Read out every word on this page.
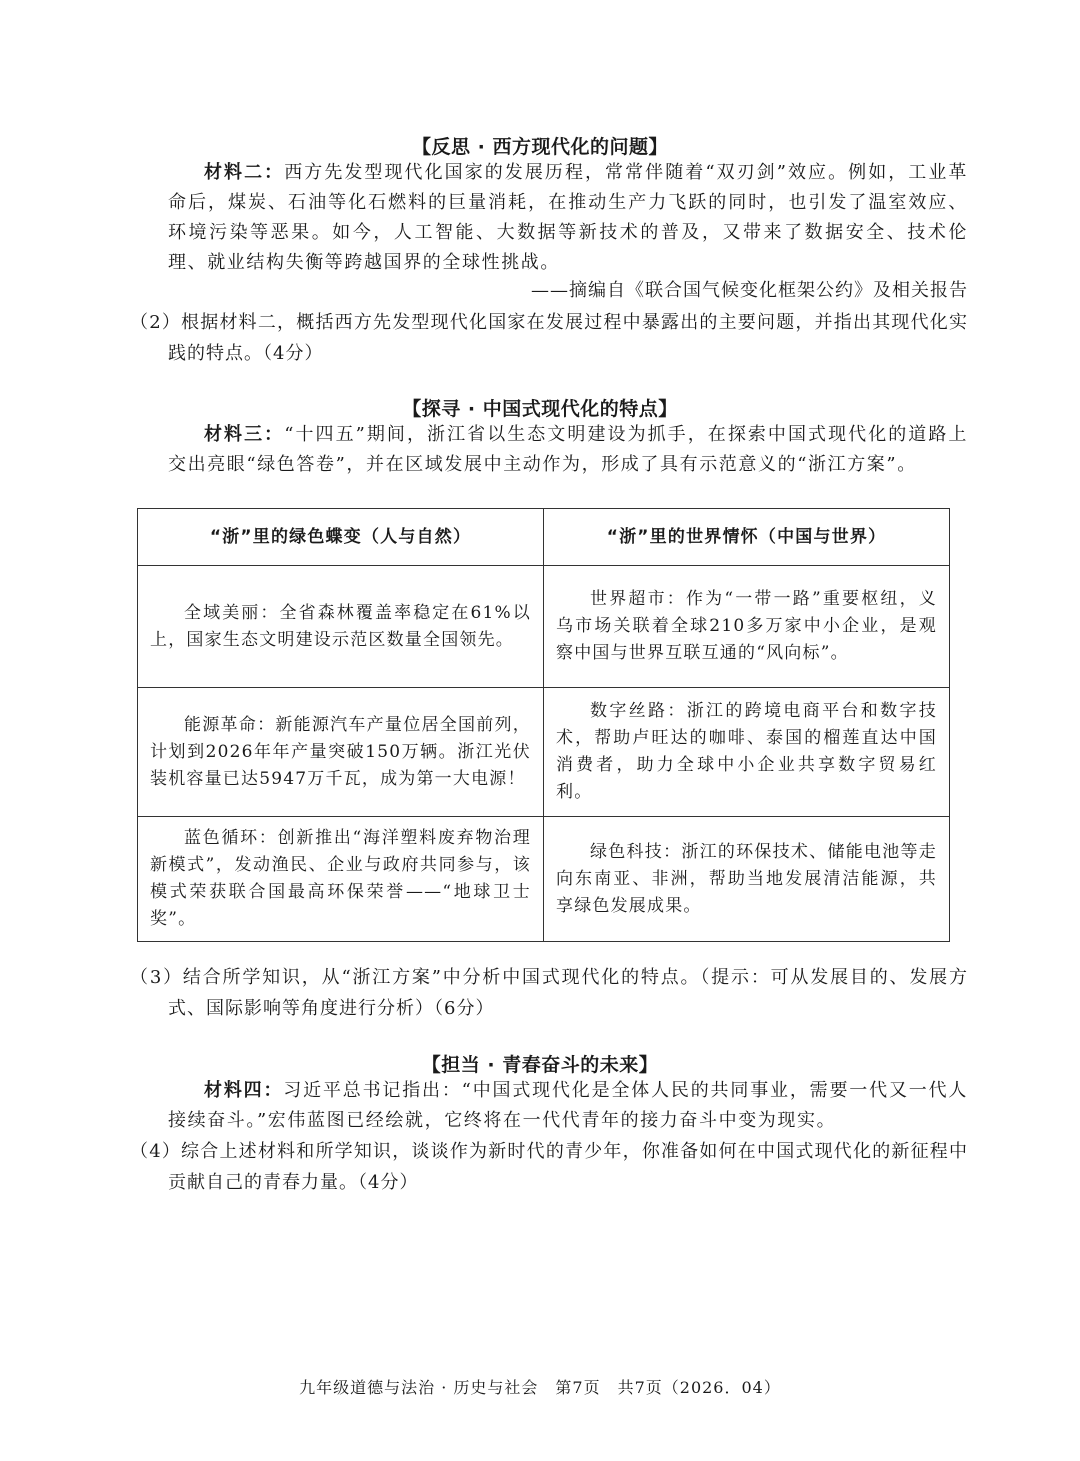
【反思 · 西方现代化的问题】
材料二：西方先发型现代化国家的发展历程，常常伴随着“双刃剑”效应。例如，工业革命后，煤炭、石油等化石燃料的巨量消耗，在推动生产力飞跃的同时，也引发了温室效应、环境污染等恶果。如今，人工智能、大数据等新技术的普及，又带来了数据安全、技术伦理、就业结构失衡等跨越国界的全球性挑战。
——摘编自《联合国气候变化框架公约》及相关报告
（2）根据材料二，概括西方先发型现代化国家在发展过程中暴露出的主要问题，并指出其现代化实践的特点。（4分）
【探寻 · 中国式现代化的特点】
材料三：“十四五”期间，浙江省以生态文明建设为抓手，在探索中国式现代化的道路上交出亮眼“绿色答卷”，并在区域发展中主动作为，形成了具有示范意义的“浙江方案”。
“浙”里的绿色蝶变（人与自然）	“浙”里的世界情怀（中国与世界）

全域美丽：全省森林覆盖率稳定在61%以上，国家生态文明建设示范区数量全国领先。	世界超市：作为“一带一路”重要枢纽，义乌市场关联着全球210多万家中小企业，是观察中国与世界互联互通的“风向标”。

能源革命：新能源汽车产量位居全国前列，计划到2026年年产量突破150万辆。浙江光伏装机容量已达5947万千瓦，成为第一大电源！	数字丝路：浙江的跨境电商平台和数字技术，帮助卢旺达的咖啡、泰国的榴莲直达中国消费者，助力全球中小企业共享数字贸易红利。

蓝色循环：创新推出“海洋塑料废弃物治理新模式”，发动渔民、企业与政府共同参与，该模式荣获联合国最高环保荣誉——“地球卫士奖”。	绿色科技：浙江的环保技术、储能电池等走向东南亚、非洲，帮助当地发展清洁能源，共享绿色发展成果。
（3）结合所学知识，从“浙江方案”中分析中国式现代化的特点。（提示：可从发展目的、发展方式、国际影响等角度进行分析）（6分）
【担当 · 青春奋斗的未来】
材料四：习近平总书记指出：“中国式现代化是全体人民的共同事业，需要一代又一代人接续奋斗。”宏伟蓝图已经绘就，它终将在一代代青年的接力奋斗中变为现实。
（4）综合上述材料和所学知识，谈谈作为新时代的青少年，你准备如何在中国式现代化的新征程中贡献自己的青春力量。（4分）
九年级道德与法治 · 历史与社会　第7页　共7页（2026．04）
